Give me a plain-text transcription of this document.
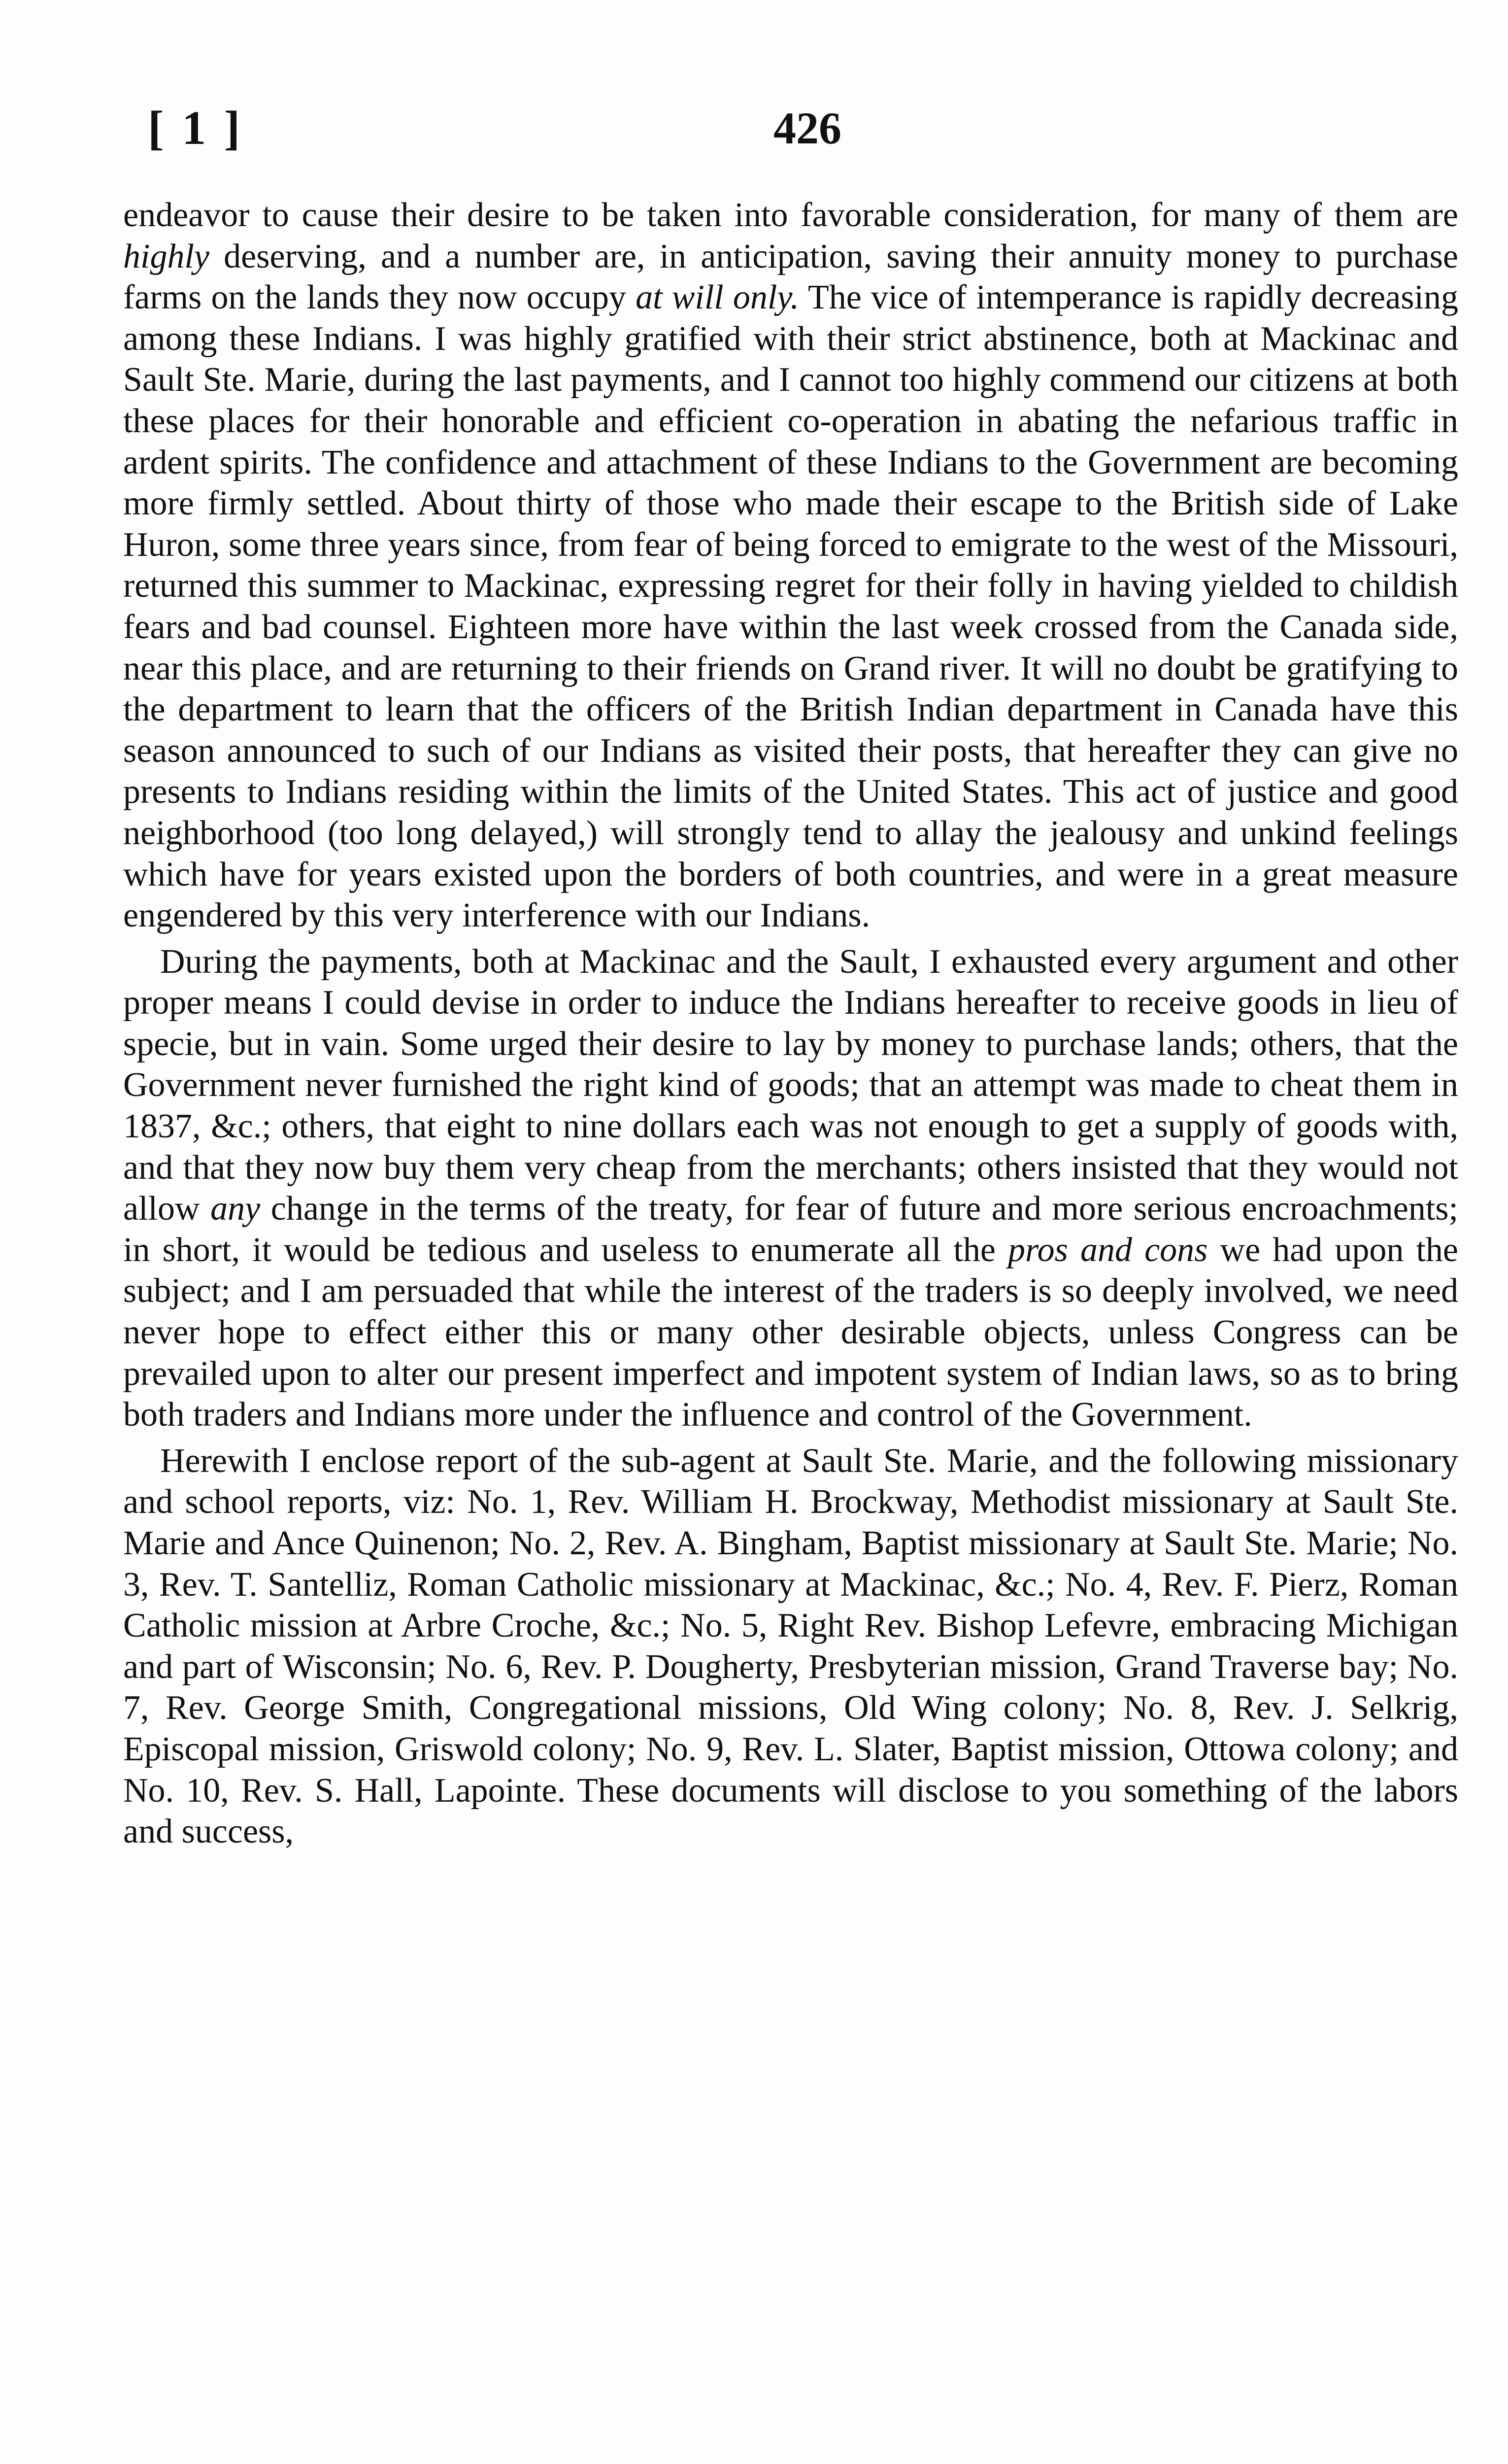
[ 1 ]	426

endeavor to cause their desire to be taken into favorable consideration, for many of them are highly deserving, and a number are, in anticipation, saving their annuity money to purchase farms on the lands they now occupy at will only. The vice of intemperance is rapidly decreasing among these Indians. I was highly gratified with their strict abstinence, both at Mackinac and Sault Ste. Marie, during the last payments, and I cannot too highly commend our citizens at both these places for their honorable and efficient co-operation in abating the nefarious traffic in ardent spirits. The confidence and attachment of these Indians to the Government are becoming more firmly settled. About thirty of those who made their escape to the British side of Lake Huron, some three years since, from fear of being forced to emigrate to the west of the Missouri, returned this summer to Mackinac, expressing regret for their folly in having yielded to childish fears and bad counsel. Eighteen more have within the last week crossed from the Canada side, near this place, and are returning to their friends on Grand river. It will no doubt be gratifying to the department to learn that the officers of the British Indian department in Canada have this season announced to such of our Indians as visited their posts, that hereafter they can give no presents to Indians residing within the limits of the United States. This act of justice and good neighborhood (too long delayed,) will strongly tend to allay the jealousy and unkind feelings which have for years existed upon the borders of both countries, and were in a great measure engendered by this very interference with our Indians.

During the payments, both at Mackinac and the Sault, I exhausted every argument and other proper means I could devise in order to induce the Indians hereafter to receive goods in lieu of specie, but in vain. Some urged their desire to lay by money to purchase lands; others, that the Government never furnished the right kind of goods; that an attempt was made to cheat them in 1837, &c.; others, that eight to nine dollars each was not enough to get a supply of goods with, and that they now buy them very cheap from the merchants; others insisted that they would not allow any change in the terms of the treaty, for fear of future and more serious encroachments; in short, it would be tedious and useless to enumerate all the pros and cons we had upon the subject; and I am persuaded that while the interest of the traders is so deeply involved, we need never hope to effect either this or many other desirable objects, unless Congress can be prevailed upon to alter our present imperfect and impotent system of Indian laws, so as to bring both traders and Indians more under the influence and control of the Government.

Herewith I enclose report of the sub-agent at Sault Ste. Marie, and the following missionary and school reports, viz: No. 1, Rev. William H. Brockway, Methodist missionary at Sault Ste. Marie and Ance Quinenon; No. 2, Rev. A. Bingham, Baptist missionary at Sault Ste. Marie; No. 3, Rev. T. Santelliz, Roman Catholic missionary at Mackinac, &c.; No. 4, Rev. F. Pierz, Roman Catholic mission at Arbre Croche, &c.; No. 5, Right Rev. Bishop Lefevre, embracing Michigan and part of Wisconsin; No. 6, Rev. P. Dougherty, Presbyterian mission, Grand Traverse bay; No. 7, Rev. George Smith, Congregational missions, Old Wing colony; No. 8, Rev. J. Selkrig, Episcopal mission, Griswold colony; No. 9, Rev. L. Slater, Baptist mission, Ottowa colony; and No. 10, Rev. S. Hall, Lapointe. These documents will disclose to you something of the labors and success,
